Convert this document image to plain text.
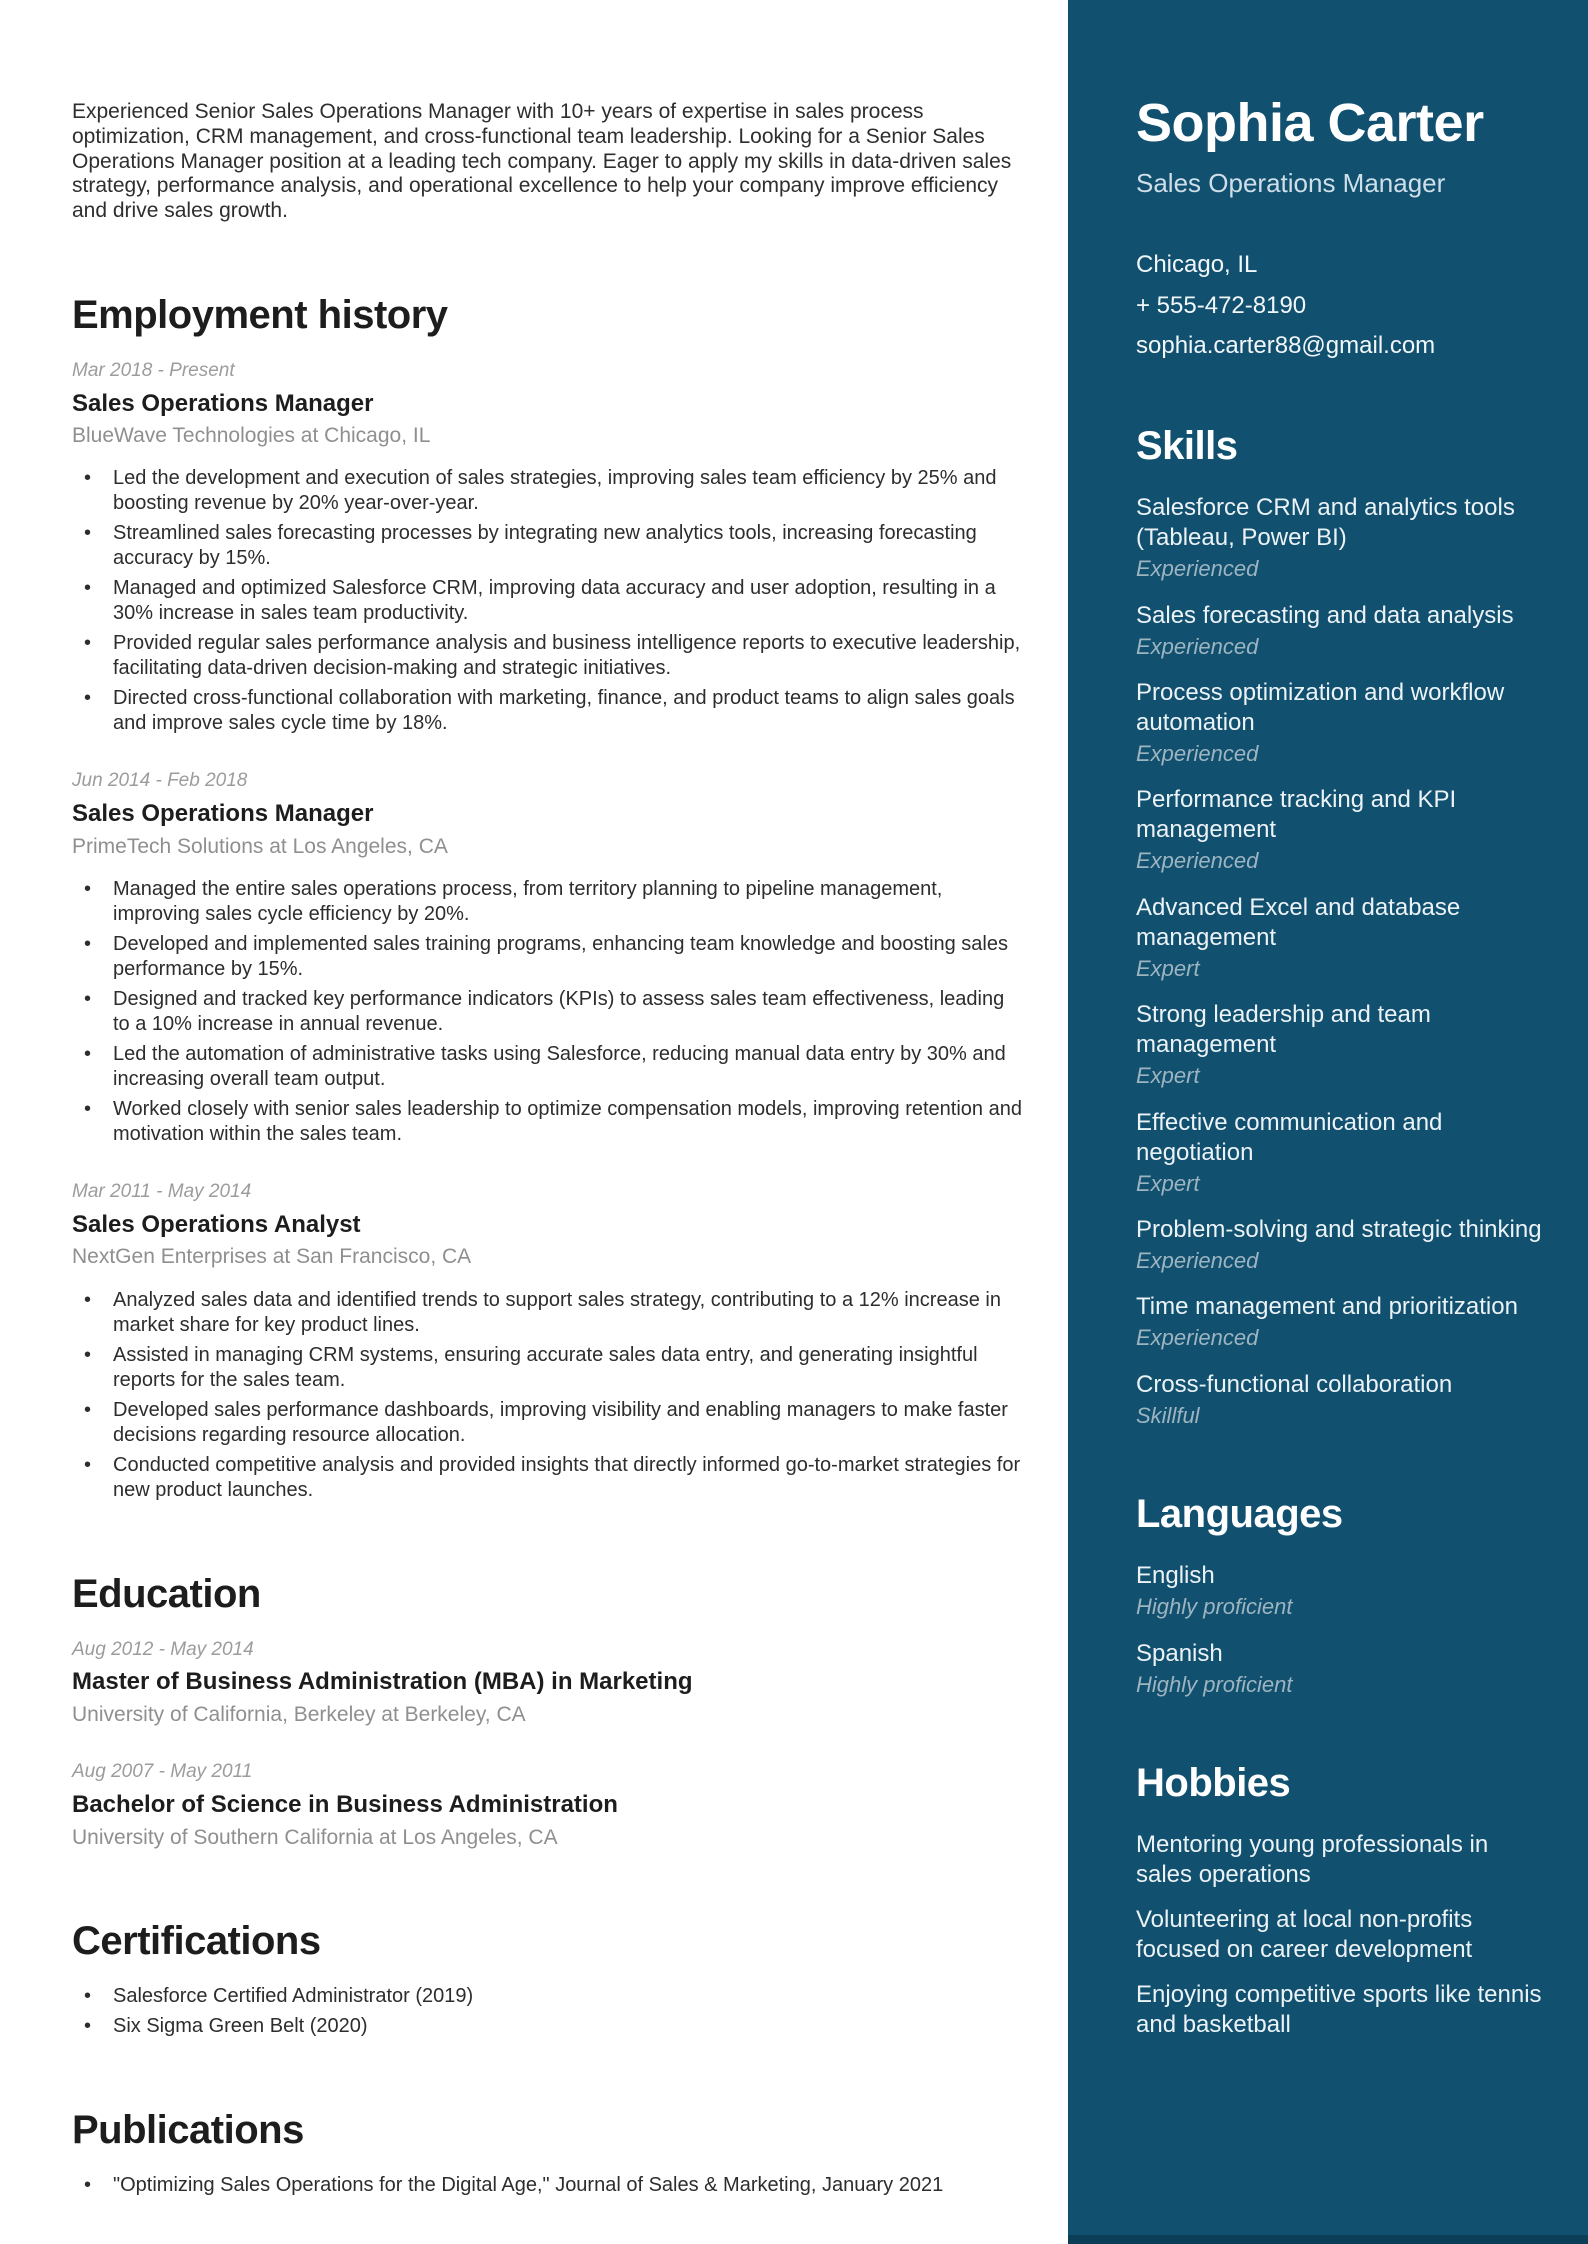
Experienced Senior Sales Operations Manager with 10+ years of expertise in sales process optimization, CRM management, and cross-functional team leadership. Looking for a Senior Sales Operations Manager position at a leading tech company. Eager to apply my skills in data-driven sales strategy, performance analysis, and operational excellence to help your company improve efficiency and drive sales growth.

Employment history
Mar 2018 - Present
Sales Operations Manager
BlueWave Technologies at Chicago, IL
• Led the development and execution of sales strategies, improving sales team efficiency by 25% and boosting revenue by 20% year-over-year.
• Streamlined sales forecasting processes by integrating new analytics tools, increasing forecasting accuracy by 15%.
• Managed and optimized Salesforce CRM, improving data accuracy and user adoption, resulting in a 30% increase in sales team productivity.
• Provided regular sales performance analysis and business intelligence reports to executive leadership, facilitating data-driven decision-making and strategic initiatives.
• Directed cross-functional collaboration with marketing, finance, and product teams to align sales goals and improve sales cycle time by 18%.
Jun 2014 - Feb 2018
Sales Operations Manager
PrimeTech Solutions at Los Angeles, CA
• Managed the entire sales operations process, from territory planning to pipeline management, improving sales cycle efficiency by 20%.
• Developed and implemented sales training programs, enhancing team knowledge and boosting sales performance by 15%.
• Designed and tracked key performance indicators (KPIs) to assess sales team effectiveness, leading to a 10% increase in annual revenue.
• Led the automation of administrative tasks using Salesforce, reducing manual data entry by 30% and increasing overall team output.
• Worked closely with senior sales leadership to optimize compensation models, improving retention and motivation within the sales team.
Mar 2011 - May 2014
Sales Operations Analyst
NextGen Enterprises at San Francisco, CA
• Analyzed sales data and identified trends to support sales strategy, contributing to a 12% increase in market share for key product lines.
• Assisted in managing CRM systems, ensuring accurate sales data entry, and generating insightful reports for the sales team.
• Developed sales performance dashboards, improving visibility and enabling managers to make faster decisions regarding resource allocation.
• Conducted competitive analysis and provided insights that directly informed go-to-market strategies for new product launches.
Education
Aug 2012 - May 2014
Master of Business Administration (MBA) in Marketing
University of California, Berkeley at Berkeley, CA
Aug 2007 - May 2011
Bachelor of Science in Business Administration
University of Southern California at Los Angeles, CA
Certifications
• Salesforce Certified Administrator (2019)
• Six Sigma Green Belt (2020)
Publications
• "Optimizing Sales Operations for the Digital Age," Journal of Sales & Marketing, January 2021
Sophia Carter
Sales Operations Manager
Chicago, IL
+ 555-472-8190
sophia.carter88@gmail.com
Skills
Salesforce CRM and analytics tools (Tableau, Power BI)
Experienced
Sales forecasting and data analysis
Experienced
Process optimization and workflow automation
Experienced
Performance tracking and KPI management
Experienced
Advanced Excel and database management
Expert
Strong leadership and team management
Expert
Effective communication and negotiation
Expert
Problem-solving and strategic thinking
Experienced
Time management and prioritization
Experienced
Cross-functional collaboration
Skillful
Languages
English
Highly proficient
Spanish
Highly proficient
Hobbies
Mentoring young professionals in sales operations
Volunteering at local non-profits focused on career development
Enjoying competitive sports like tennis and basketball
